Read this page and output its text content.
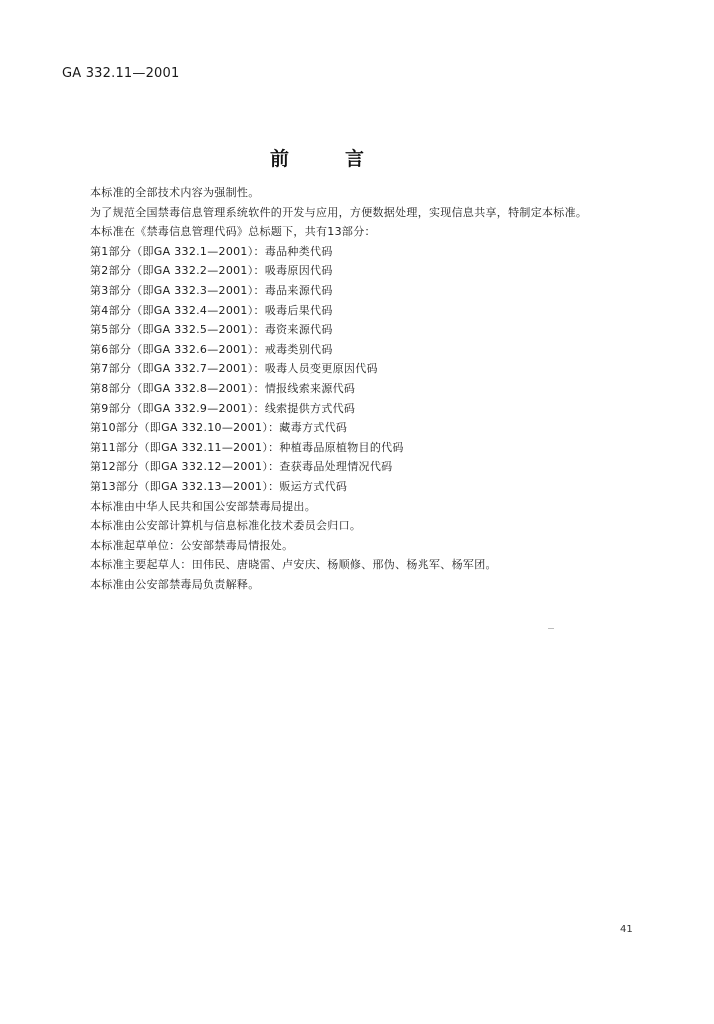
GA 332.11—2001
前言
本标准的全部技术内容为强制性。
为了规范全国禁毒信息管理系统软件的开发与应用，方便数据处理，实现信息共享，特制定本标准。
本标准在《禁毒信息管理代码》总标题下，共有13部分：
第1部分（即GA 332.1—2001）：毒品种类代码
第2部分（即GA 332.2—2001）：吸毒原因代码
第3部分（即GA 332.3—2001）：毒品来源代码
第4部分（即GA 332.4—2001）：吸毒后果代码
第5部分（即GA 332.5—2001）：毒资来源代码
第6部分（即GA 332.6—2001）：戒毒类别代码
第7部分（即GA 332.7—2001）：吸毒人员变更原因代码
第8部分（即GA 332.8—2001）：情报线索来源代码
第9部分（即GA 332.9—2001）：线索提供方式代码
第10部分（即GA 332.10—2001）：藏毒方式代码
第11部分（即GA 332.11—2001）：种植毒品原植物目的代码
第12部分（即GA 332.12—2001）：查获毒品处理情况代码
第13部分（即GA 332.13—2001）：贩运方式代码
本标准由中华人民共和国公安部禁毒局提出。
本标准由公安部计算机与信息标准化技术委员会归口。
本标准起草单位：公安部禁毒局情报处。
本标准主要起草人：田伟民、唐晓雷、卢安庆、杨顺修、邢伪、杨兆军、杨军团。
本标准由公安部禁毒局负责解释。
41
